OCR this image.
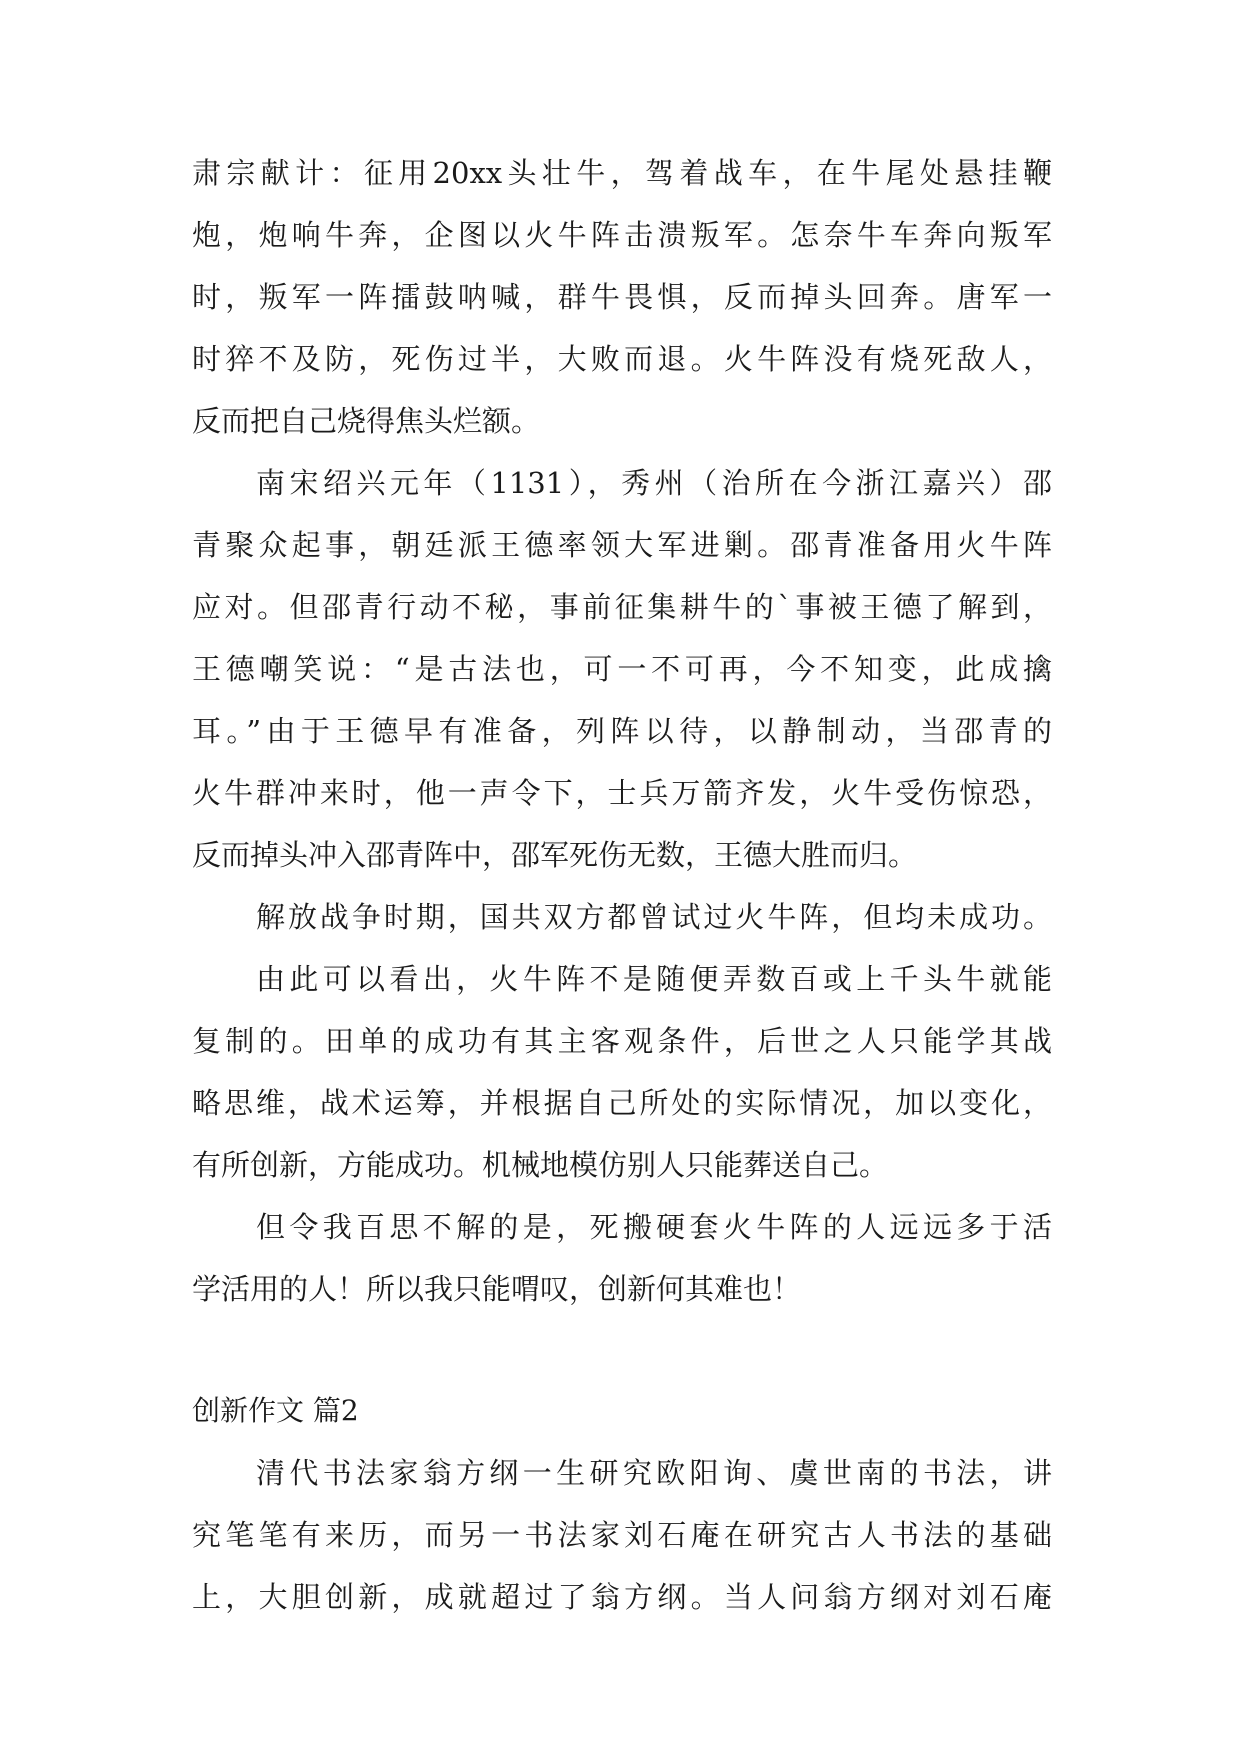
肃宗献计：征用20xx头壮牛，驾着战车，在牛尾处悬挂鞭
炮，炮响牛奔，企图以火牛阵击溃叛军。怎奈牛车奔向叛军
时，叛军一阵擂鼓呐喊，群牛畏惧，反而掉头回奔。唐军一
时猝不及防，死伤过半，大败而退。火牛阵没有烧死敌人，
反而把自己烧得焦头烂额。
南宋绍兴元年（1131），秀州（治所在今浙江嘉兴）邵
青聚众起事，朝廷派王德率领大军进剿。邵青准备用火牛阵
应对。但邵青行动不秘，事前征集耕牛的`事被王德了解到，
王德嘲笑说：“是古法也，可一不可再，今不知变，此成擒
耳。”由于王德早有准备，列阵以待，以静制动，当邵青的
火牛群冲来时，他一声令下，士兵万箭齐发，火牛受伤惊恐，
反而掉头冲入邵青阵中，邵军死伤无数，王德大胜而归。
解放战争时期，国共双方都曾试过火牛阵，但均未成功。
由此可以看出，火牛阵不是随便弄数百或上千头牛就能
复制的。田单的成功有其主客观条件，后世之人只能学其战
略思维，战术运筹，并根据自己所处的实际情况，加以变化，
有所创新，方能成功。机械地模仿别人只能葬送自己。
但令我百思不解的是，死搬硬套火牛阵的人远远多于活
学活用的人！所以我只能喟叹，创新何其难也！
创新作文 篇2
清代书法家翁方纲一生研究欧阳询、虞世南的书法，讲
究笔笔有来历，而另一书法家刘石庵在研究古人书法的基础
上，大胆创新，成就超过了翁方纲。当人问翁方纲对刘石庵
